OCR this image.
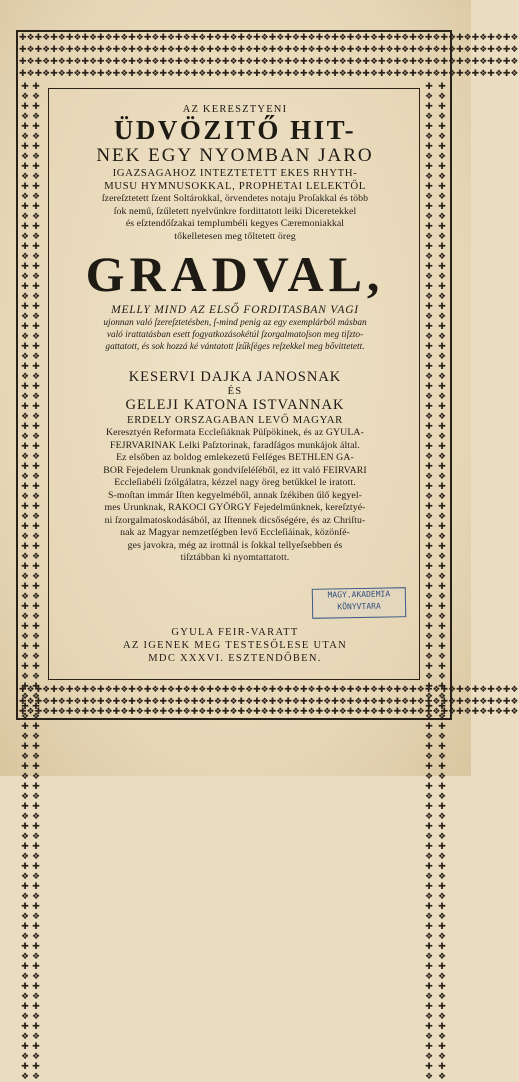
✚❖✚❖✚❖✚❖✚❖✚❖✚❖✚❖✚❖✚❖✚❖✚❖✚❖✚❖✚❖✚❖✚❖✚❖✚❖✚❖✚❖✚❖✚❖✚❖✚❖✚❖✚❖✚❖✚❖✚❖✚❖✚❖
✚❖✚❖✚❖✚❖✚❖✚❖✚❖✚❖✚❖✚❖✚❖✚❖✚❖✚❖✚❖✚❖✚❖✚❖✚❖✚❖✚❖✚❖✚❖✚❖✚❖✚❖✚❖✚❖✚❖✚❖✚❖✚❖
✚❖✚❖✚❖✚❖✚❖✚❖✚❖✚❖✚❖✚❖✚❖✚❖✚❖✚❖✚❖✚❖✚❖✚❖✚❖✚❖✚❖✚❖✚❖✚❖✚❖✚❖✚❖✚❖✚❖✚❖✚❖✚❖
✚❖✚❖✚❖✚❖✚❖✚❖✚❖✚❖✚❖✚❖✚❖✚❖✚❖✚❖✚❖✚❖✚❖✚❖✚❖✚❖✚❖✚❖✚❖✚❖✚❖✚❖✚❖✚❖✚❖✚❖✚❖✚❖
✚❖✚❖✚❖✚❖✚❖✚❖✚❖✚❖✚❖✚❖✚❖✚❖✚❖✚❖✚❖✚❖✚❖✚❖✚❖✚❖✚❖✚❖✚❖✚❖✚❖✚❖✚❖✚❖✚❖✚❖✚❖✚❖
✚❖✚❖✚❖✚❖✚❖✚❖✚❖✚❖✚❖✚❖✚❖✚❖✚❖✚❖✚❖✚❖✚❖✚❖✚❖✚❖✚❖✚❖✚❖✚❖✚❖✚❖✚❖✚❖✚❖✚❖✚❖✚❖
✚❖✚❖✚❖✚❖✚❖✚❖✚❖✚❖✚❖✚❖✚❖✚❖✚❖✚❖✚❖✚❖✚❖✚❖✚❖✚❖✚❖✚❖✚❖✚❖✚❖✚❖✚❖✚❖✚❖✚❖✚❖✚❖
✚❖✚❖✚❖✚❖✚❖✚❖✚❖✚❖✚❖✚❖✚❖✚❖✚❖✚❖✚❖✚❖✚❖✚❖✚❖✚❖✚❖✚❖✚❖✚❖✚❖✚❖✚❖✚❖✚❖✚❖✚❖✚❖✚❖✚❖✚❖✚❖✚❖✚❖✚❖✚❖✚❖✚❖✚❖✚❖✚❖✚❖✚❖✚❖✚❖✚❖ ✚❖✚❖✚❖✚❖✚❖✚❖✚❖✚❖✚❖✚❖✚❖✚❖✚❖✚❖✚❖✚❖✚❖✚❖✚❖✚❖✚❖✚❖✚❖✚❖✚❖✚❖✚❖✚❖✚❖✚❖✚❖✚❖✚❖✚❖✚❖✚❖✚❖✚❖✚❖✚❖✚❖✚❖✚❖✚❖✚❖✚❖✚❖✚❖✚❖✚❖	✚❖✚❖✚❖✚❖✚❖✚❖✚❖✚❖✚❖✚❖✚❖✚❖✚❖✚❖✚❖✚❖✚❖✚❖✚❖✚❖✚❖✚❖✚❖✚❖✚❖✚❖✚❖✚❖✚❖✚❖✚❖✚❖✚❖✚❖✚❖✚❖✚❖✚❖✚❖✚❖✚❖✚❖✚❖✚❖✚❖✚❖✚❖✚❖✚❖✚❖ ✚❖✚❖✚❖✚❖✚❖✚❖✚❖✚❖✚❖✚❖✚❖✚❖✚❖✚❖✚❖✚❖✚❖✚❖✚❖✚❖✚❖✚❖✚❖✚❖✚❖✚❖✚❖✚❖✚❖✚❖✚❖✚❖✚❖✚❖✚❖✚❖✚❖✚❖✚❖✚❖✚❖✚❖✚❖✚❖✚❖✚❖✚❖✚❖✚❖✚❖
AZ KERESZTYENI
ÜDVÖZITŐ HIT-
NEK EGY NYOMBAN JARO
IGAZSAGAHOZ INTEZTETETT EKES RHYTH-
MUSU HYMNUSOKKAL, PROPHETAI LELEKTŐL
ſzereſztetett ſzent Soltárokkal, örvendetes notaju Proſakkal és több
ſok nemű, ſzűletett nyelvűnkre fordittatott leiki Diceretekkel
és eſztendőſzakai templumbéli kegyes Cæremoniakkal
tőkelletesen meg tőltetett öreg
GRADVAL,
MELLY MIND AZ ELSŐ FORDITASBAN VAGI
ujonnan való ſzereſztetésben, ſ-mind penig az egy exemplárból másban
való irattatásban esett fogyatkozásokétúl ſzorgalmatoſson meg tiſzto-
gattatott, és sok hozzá ké vántatott ſzűkſéges reſzekkel meg bővittetett.
KESERVI DAJKA JANOSNAK
ÉS
GELEJI KATONA ISTVANNAK
ERDELY ORSZAGABAN LEVŐ MAGYAR
Keresztyén Reformata Eccleſiáknak Püſpökinek, és az GYULA-
FEJRVARINAK Lelki Paſztorinak, faradſágos munkájok által.
Ez elsőben az boldog emlekezetű Felſéges BETHLEN GA-
BOR Fejedelem Urunknak gondviſeléſéből, ez itt való FEIRVARI
Eccleſiabéli ſzólgálatra, kézzel nagy öreg betűkkel le iratott.
S-moſtan immár Iſten kegyelméből, annak ſzékiben űlő kegyel-
mes Urunknak, RAKOCI GYÖRGY Fejedelműnknek, kereſztyé-
ni ſzorgalmatoskodásából, az Iſtennek dicsőségére, és az Chriſtu-
nak az Magyar nemzetſégben levő Eccleſiáinak, közönſé-
ges javokra, még az irottnál is ſokkal tellyeſsebben és
tiſztábban ki nyomtattatott.
MAGY.AKADEMIA
KÖNYVTARA
GYULA FEIR-VARATT
AZ IGENEK MEG TESTESŐLESE UTAN
MDC XXXVI. ESZTENDŐBEN.
